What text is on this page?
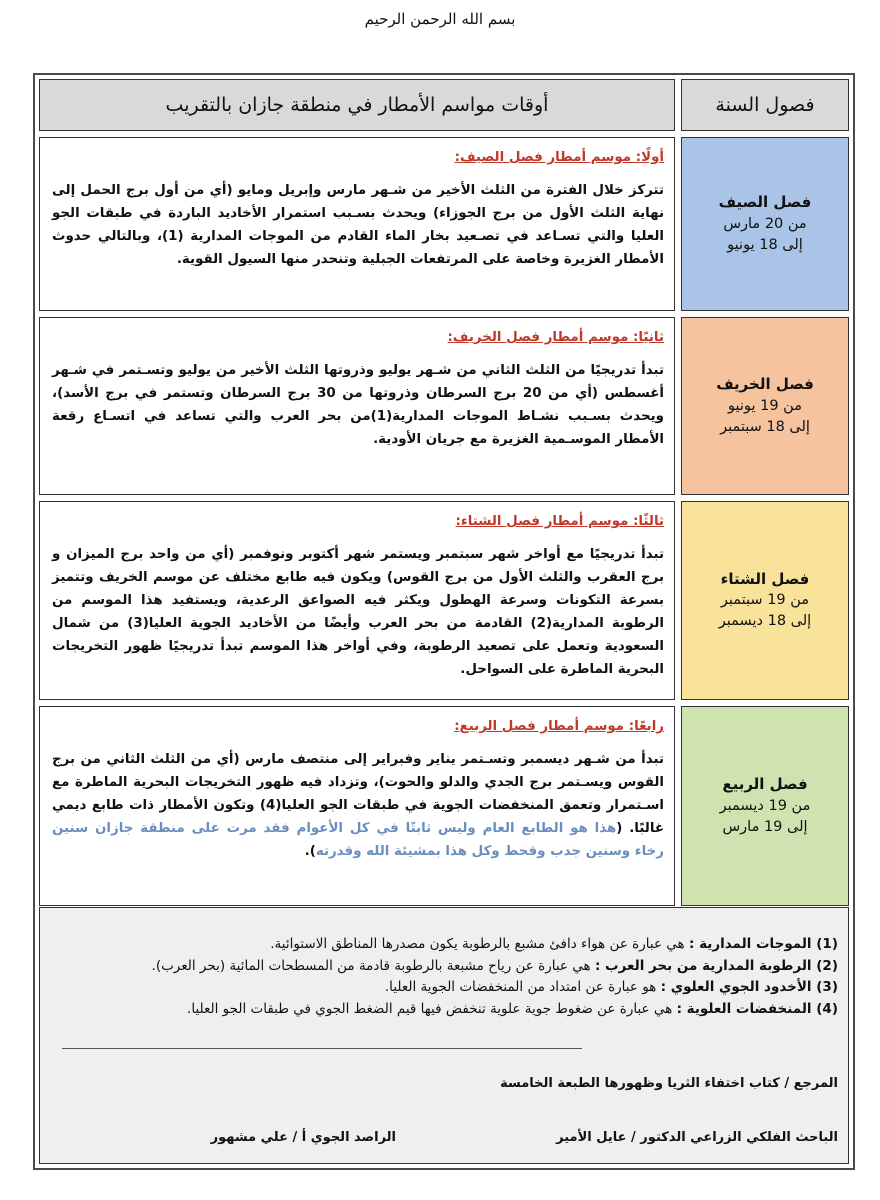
بسم الله الرحمن الرحيم
فصول السنة
أوقات مواسم الأمطار في منطقة جازان بالتقريب
فصل الصيف
من 20 مارس
إلى 18 يونيو
أولًا: موسم أمطار فصل الصيف:
تتركز خلال الفترة من الثلث الأخير من شـهر مارس وإبريل ومايو (أي من أول برج الحمل إلى نهاية الثلث الأول من برج الجوزاء) ويحدث بسـبب استمرار الأخاديد الباردة في طبقات الجو العليا والتي تسـاعد في تصـعيد بخار الماء القادم من الموجات المدارية (1)، وبالتالي حدوث الأمطار الغزيرة وخاصة على المرتفعات الجبلية وتنحدر منها السيول القوية.
فصل الخريف
من 19 يونيو
إلى 18 سبتمبر
ثانيًا: موسم أمطار فصل الخريف:
تبدأ تدريجيًا من الثلث الثاني من شـهر يوليو وذروتها الثلث الأخير من يوليو وتسـتمر في شـهر أغسطس (أي من 20 برج السرطان وذروتها من 30 برج السرطان وتستمر في برج الأسد)، ويحدث بسـبب نشـاط الموجات المدارية(1)من بحر العرب والتي تساعد في اتسـاع رقعة الأمطار الموسـمية الغزيرة مع جريان الأودية.
فصل الشتاء
من 19 سبتمبر
إلى 18 ديسمبر
ثالثًا: موسم أمطار فصل الشتاء:
تبدأ تدريجيًا مع أواخر شهر سبتمبر ويستمر شهر أكتوبر ونوفمبر (أي من واحد برج الميزان و برج العقرب والثلث الأول من برج القوس) ويكون فيه طابع مختلف عن موسم الخريف وتتميز بسرعة التكونات وسرعة الهطول ويكثر فيه الصواعق الرعدية، ويستفيد هذا الموسم من الرطوبة المدارية(2) القادمة من بحر العرب وأيضًا من الأخاديد الجوية العليا(3) من شمال السعودية وتعمل على تصعيد الرطوبة، وفي أواخر هذا الموسم تبدأ تدريجيًا ظهور التخريجات البحرية الماطرة على السواحل.
فصل الربيع
من 19 ديسمبر
إلى 19 مارس
رابعًا: موسم أمطار فصل الربيع:
تبدأ من شـهر ديسمبر وتسـتمر يناير وفبراير إلى منتصف مارس (أي من الثلث الثاني من برج القوس ويسـتمر برج الجدي والدلو والحوت)، وتزداد فيه ظهور التخريجات البحرية الماطرة مع اسـتمرار وتعمق المنخفضات الجوية في طبقات الجو العليا(4) وتكون الأمطار ذات طابع ديمي غالبًا. (هذا هو الطابع العام وليس ثابتًا في كل الأعوام فقد مرت على منطقة جازان سنين رخاء وسنين جدب وقحط وكل هذا بمشيئة الله وقدرته).
(1) الموجات المدارية : هي عبارة عن هواء دافئ مشبع بالرطوبة يكون مصدرها المناطق الاستوائية.
(2) الرطوبة المدارية من بحر العرب : هي عبارة عن رياح مشبعة بالرطوبة قادمة من المسطحات المائية (بحر العرب).
(3) الأخدود الجوي العلوي : هو عبارة عن امتداد من المنخفضات الجوية العليا.
(4) المنخفضات العلوية : هي عبارة عن ضغوط جوية علوية تنخفض فيها قيم الضغط الجوي في طبقات الجو العليا.
المرجع / كتاب اختفاء الثريا وظهورها الطبعة الخامسة
الباحث الفلكي الزراعي الدكتور / عايل الأمير
الراصد الجوي أ / علي مشهور
